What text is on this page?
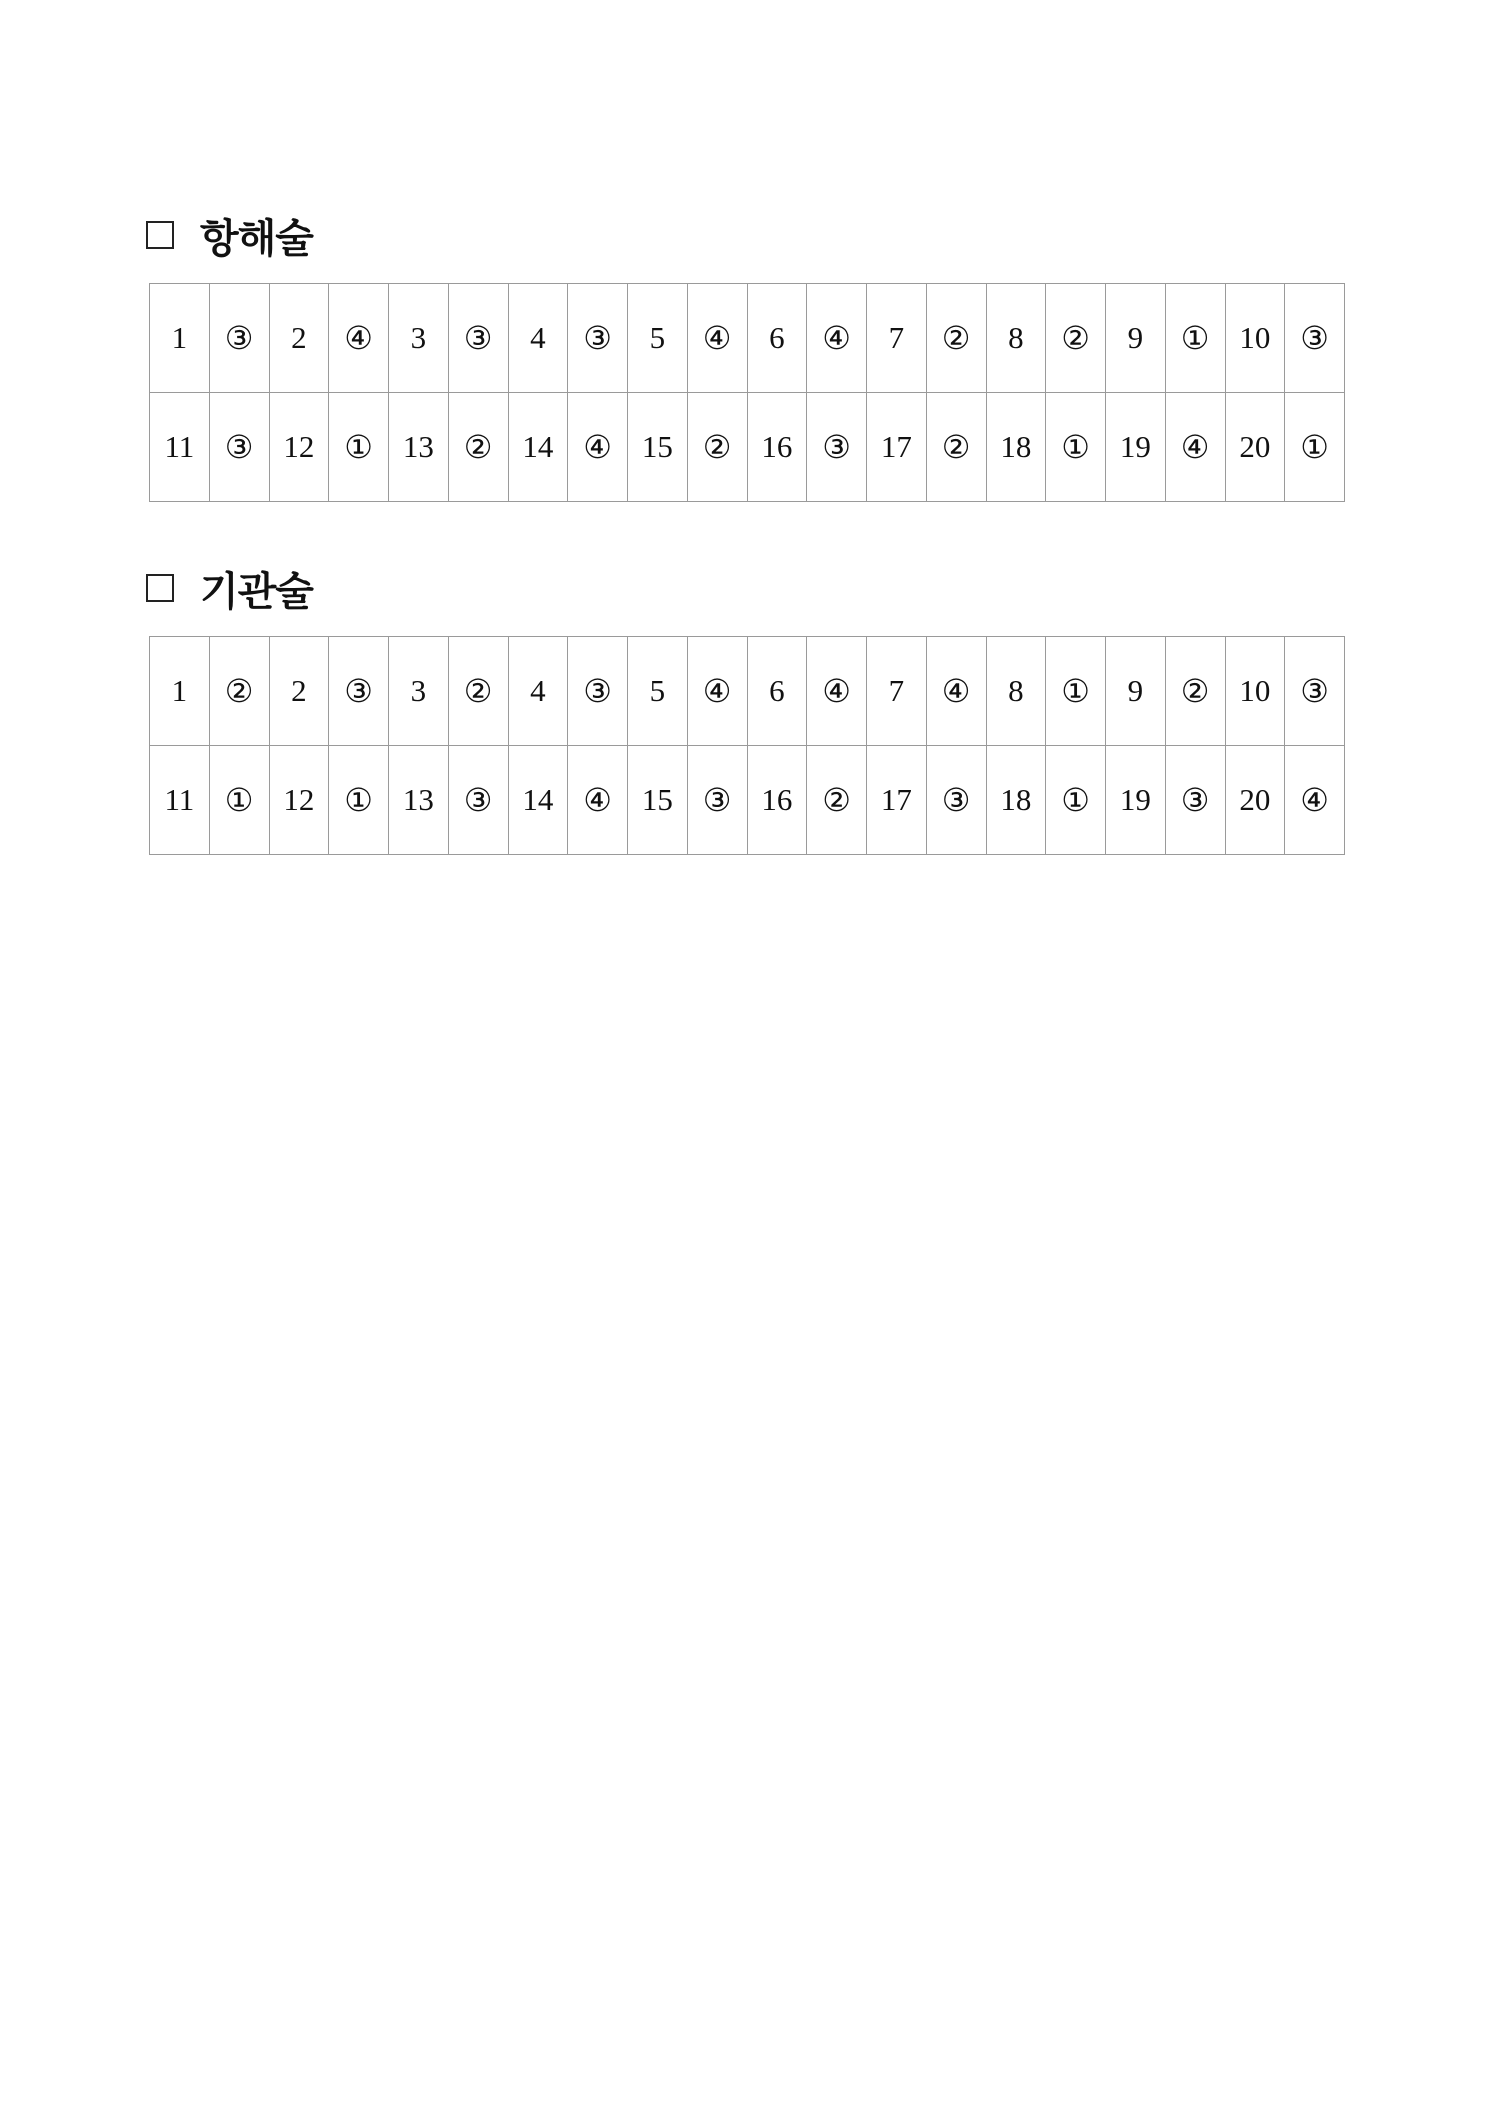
항해술
1	③	2	④	3	③	4	③	5	④	6	④	7	②	8	②	9	①	10	③
11	③	12	①	13	②	14	④	15	②	16	③	17	②	18	①	19	④	20	①
기관술
1	②	2	③	3	②	4	③	5	④	6	④	7	④	8	①	9	②	10	③
11	①	12	①	13	③	14	④	15	③	16	②	17	③	18	①	19	③	20	④
